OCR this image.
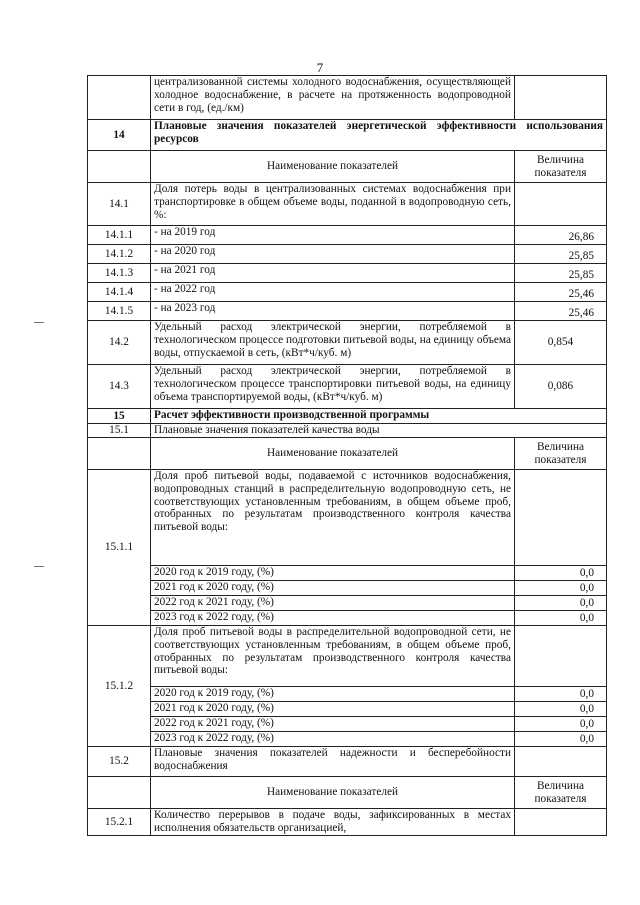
7
	централизованной системы холодного водоснабжения, осуществляющей холодное водоснабжение, в расчете на протяженность водопроводной сети в год, (ед./км)	
14	Плановые значения показателей энергетической эффективности использования ресурсов	
	Наименование показателей	Величина показателя
14.1	Доля потерь воды в централизованных системах водоснабжения при транспортировке в общем объеме воды, поданной в водопроводную сеть, %:	
14.1.1	- на 2019 год	26,86
14.1.2	- на 2020 год	25,85
14.1.3	- на 2021 год	25,85
14.1.4	- на 2022 год	25,46
14.1.5	- на 2023 год	25,46
14.2	Удельный расход электрической энергии, потребляемой в технологическом процессе подготовки питьевой воды, на единицу объема воды, отпускаемой в сеть, (кВт*ч/куб. м)	0,854
14.3	Удельный расход электрической энергии, потребляемой в технологическом процессе транспортировки питьевой воды, на единицу объема транспортируемой воды, (кВт*ч/куб. м)	0,086
15	Расчет эффективности производственной программы	
15.1	Плановые значения показателей качества воды	
	Наименование показателей	Величина показателя
15.1.1	Доля проб питьевой воды, подаваемой с источников водоснабжения, водопроводных станций в распределительную водопроводную сеть, не соответствующих установленным требованиям, в общем объеме проб, отобранных по результатам производственного контроля качества питьевой воды:	
	2020 год к 2019 году, (%)	0,0
	2021 год к 2020 году, (%)	0,0
	2022 год к 2021 году, (%)	0,0
	2023 год к 2022 году, (%)	0,0
15.1.2	Доля проб питьевой воды в распределительной водопроводной сети, не соответствующих установленным требованиям, в общем объеме проб, отобранных по результатам производственного контроля качества питьевой воды:	
	2020 год к 2019 году, (%)	0,0
	2021 год к 2020 году, (%)	0,0
	2022 год к 2021 году, (%)	0,0
	2023 год к 2022 году, (%)	0,0
15.2	Плановые значения показателей надежности и бесперебойности водоснабжения	
	Наименование показателей	Величина показателя
15.2.1	Количество перерывов в подаче воды, зафиксированных в местах исполнения обязательств организацией,	
